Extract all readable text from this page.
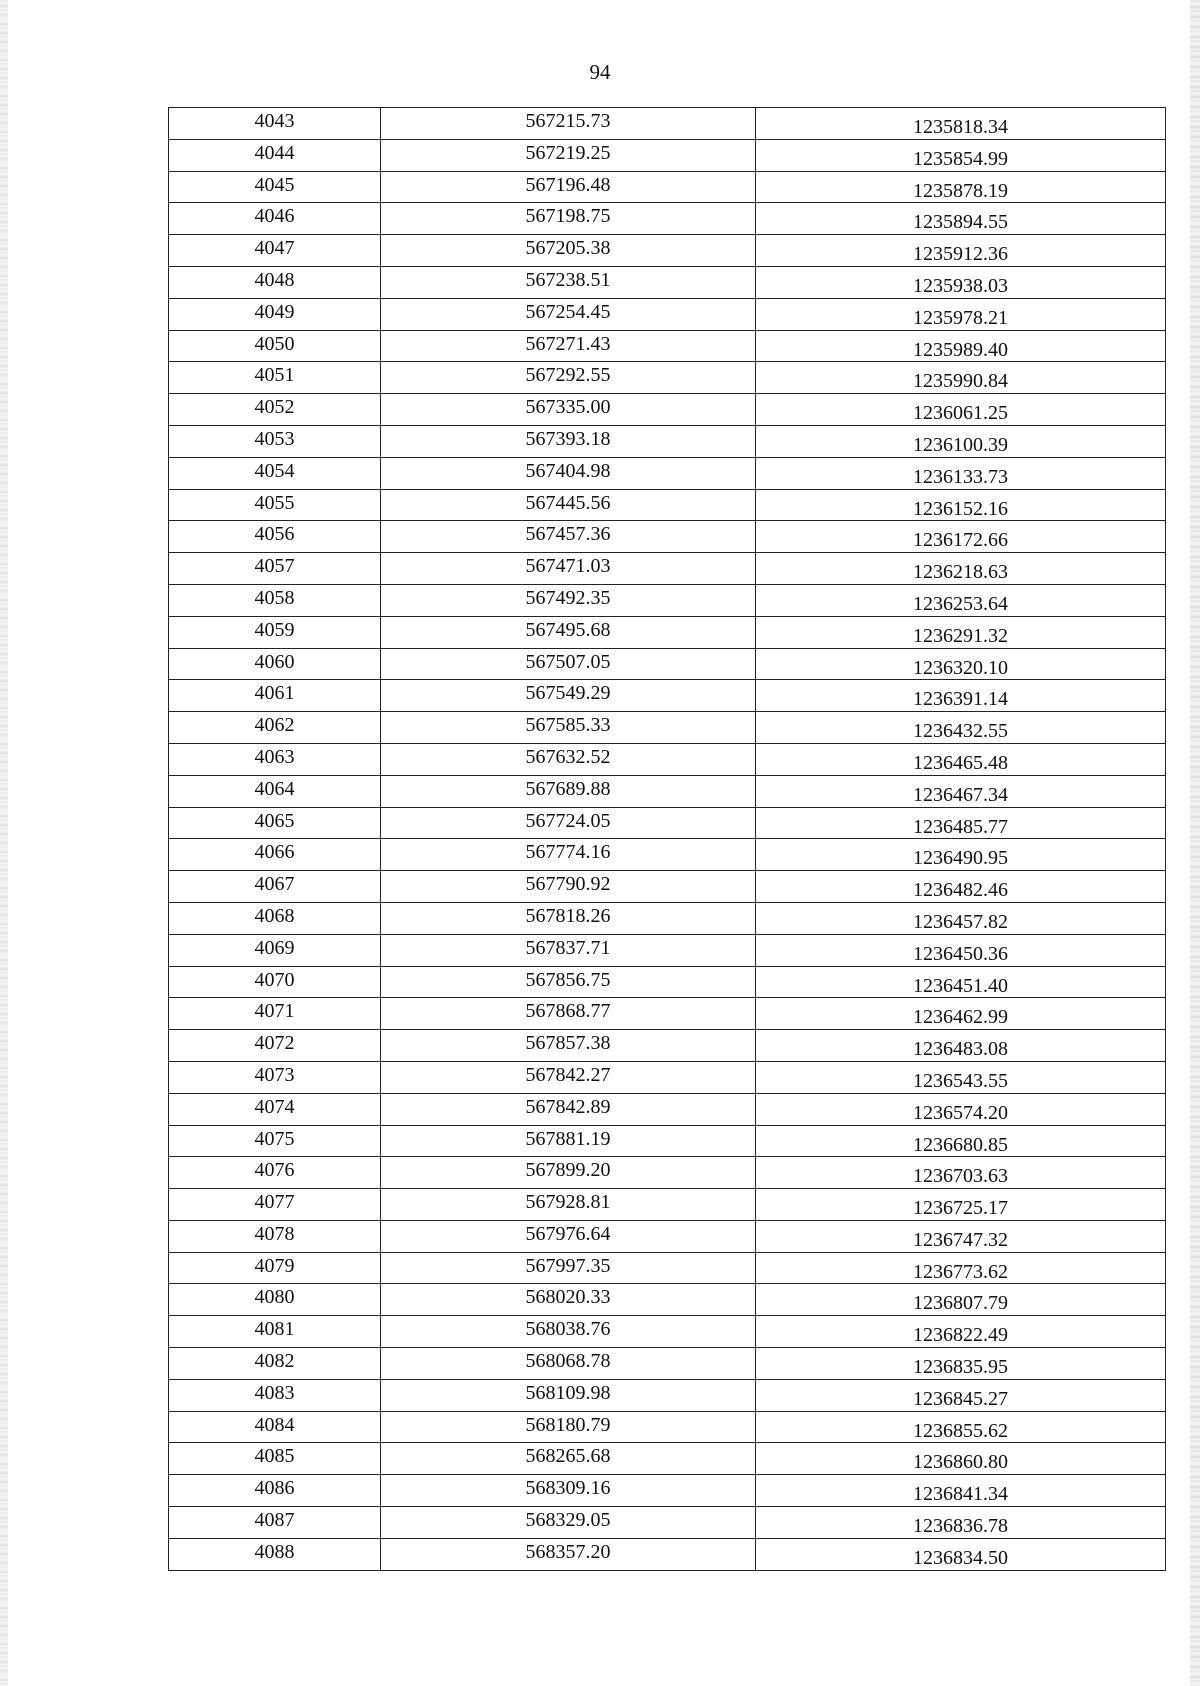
94
4043	567215.73	1235818.34

4044	567219.25	1235854.99

4045	567196.48	1235878.19

4046	567198.75	1235894.55

4047	567205.38	1235912.36

4048	567238.51	1235938.03

4049	567254.45	1235978.21

4050	567271.43	1235989.40

4051	567292.55	1235990.84

4052	567335.00	1236061.25

4053	567393.18	1236100.39

4054	567404.98	1236133.73

4055	567445.56	1236152.16

4056	567457.36	1236172.66

4057	567471.03	1236218.63

4058	567492.35	1236253.64

4059	567495.68	1236291.32

4060	567507.05	1236320.10

4061	567549.29	1236391.14

4062	567585.33	1236432.55

4063	567632.52	1236465.48

4064	567689.88	1236467.34

4065	567724.05	1236485.77

4066	567774.16	1236490.95

4067	567790.92	1236482.46

4068	567818.26	1236457.82

4069	567837.71	1236450.36

4070	567856.75	1236451.40

4071	567868.77	1236462.99

4072	567857.38	1236483.08

4073	567842.27	1236543.55

4074	567842.89	1236574.20

4075	567881.19	1236680.85

4076	567899.20	1236703.63

4077	567928.81	1236725.17

4078	567976.64	1236747.32

4079	567997.35	1236773.62

4080	568020.33	1236807.79

4081	568038.76	1236822.49

4082	568068.78	1236835.95

4083	568109.98	1236845.27

4084	568180.79	1236855.62

4085	568265.68	1236860.80

4086	568309.16	1236841.34

4087	568329.05	1236836.78

4088	568357.20	1236834.50
